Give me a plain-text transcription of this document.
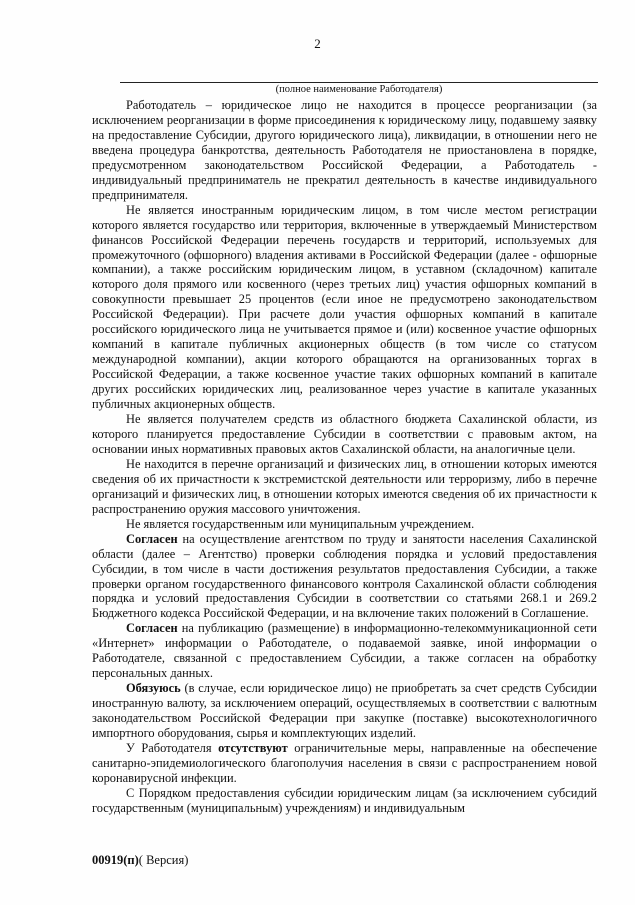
2
(полное наименование Работодателя)

Работодатель – юридическое лицо не находится в процессе реорганизации (за исключением реорганизации в форме присоединения к юридическому лицу, подавшему заявку на предоставление Субсидии, другого юридического лица), ликвидации, в отношении него не введена процедура банкротства, деятельность Работодателя не приостановлена в порядке, предусмотренном законодательством Российской Федерации, а Работодатель - индивидуальный предприниматель не прекратил деятельность в качестве индивидуального предпринимателя.

Не является иностранным юридическим лицом, в том числе местом регистрации которого является государство или территория, включенные в утверждаемый Министерством финансов Российской Федерации перечень государств и территорий, используемых для промежуточного (офшорного) владения активами в Российской Федерации (далее - офшорные компании), а также российским юридическим лицом, в уставном (складочном) капитале которого доля прямого или косвенного (через третьих лиц) участия офшорных компаний в совокупности превышает 25 процентов (если иное не предусмотрено законодательством Российской Федерации). При расчете доли участия офшорных компаний в капитале российского юридического лица не учитывается прямое и (или) косвенное участие офшорных компаний в капитале публичных акционерных обществ (в том числе со статусом международной компании), акции которого обращаются на организованных торгах в Российской Федерации, а также косвенное участие таких офшорных компаний в капитале других российских юридических лиц, реализованное через участие в капитале указанных публичных акционерных обществ.

Не является получателем средств из областного бюджета Сахалинской области, из которого планируется предоставление Субсидии в соответствии с правовым актом, на основании иных нормативных правовых актов Сахалинской области, на аналогичные цели.

Не находится в перечне организаций и физических лиц, в отношении которых имеются сведения об их причастности к экстремистской деятельности или терроризму, либо в перечне организаций и физических лиц, в отношении которых имеются сведения об их причастности к распространению оружия массового уничтожения.

Не является государственным или муниципальным учреждением.

Согласен на осуществление агентством по труду и занятости населения Сахалинской области (далее – Агентство) проверки соблюдения порядка и условий предоставления Субсидии, в том числе в части достижения результатов предоставления Субсидии, а также проверки органом государственного финансового контроля Сахалинской области соблюдения порядка и условий предоставления Субсидии в соответствии со статьями 268.1 и 269.2 Бюджетного кодекса Российской Федерации, и на включение таких положений в Соглашение.

Согласен на публикацию (размещение) в информационно-телекоммуникационной сети «Интернет» информации о Работодателе, о подаваемой заявке, иной информации о Работодателе, связанной с предоставлением Субсидии, а также согласен на обработку персональных данных.

Обязуюсь (в случае, если юридическое лицо) не приобретать за счет средств Субсидии иностранную валюту, за исключением операций, осуществляемых в соответствии с валютным законодательством Российской Федерации при закупке (поставке) высокотехнологичного импортного оборудования, сырья и комплектующих изделий.

У Работодателя отсутствуют ограничительные меры, направленные на обеспечение санитарно-эпидемиологического благополучия населения в связи с распространением новой коронавирусной инфекции.

С Порядком предоставления субсидии юридическим лицам (за исключением субсидий государственным (муниципальным) учреждениям) и индивидуальным

00919(п)( Версия)
